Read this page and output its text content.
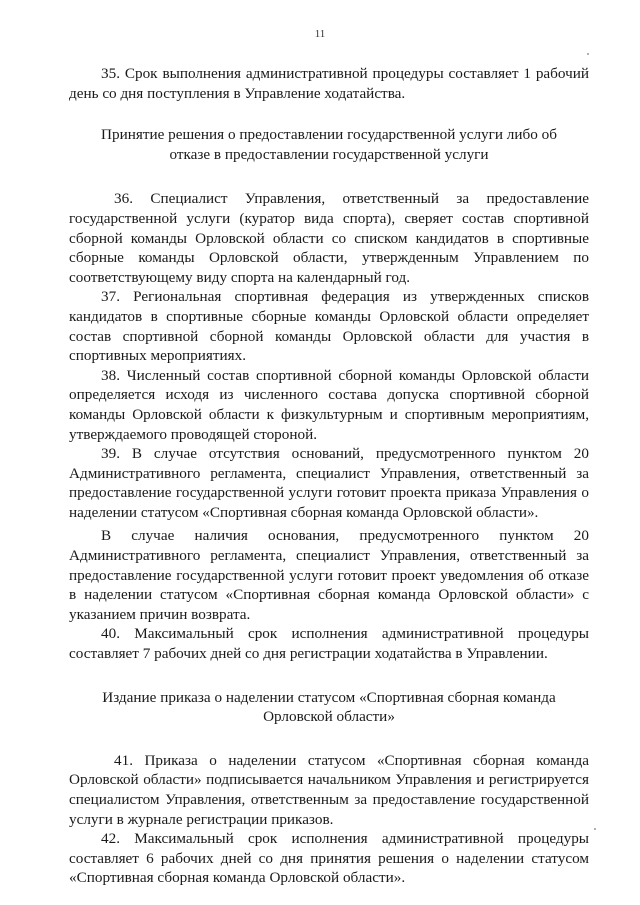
11

35. Срок выполнения административной процедуры составляет 1 рабочий день со дня поступления в Управление ходатайства.

Принятие решения о предоставлении государственной услуги либо об отказе в предоставлении государственной услуги

36. Специалист Управления, ответственный за предоставление государственной услуги (куратор вида спорта), сверяет состав спортивной сборной команды Орловской области со списком кандидатов в спортивные сборные команды Орловской области, утвержденным Управлением по соответствующему виду спорта на календарный год.

37. Региональная спортивная федерация из утвержденных списков кандидатов в спортивные сборные команды Орловской области определяет состав спортивной сборной команды Орловской области для участия в спортивных мероприятиях.

38. Численный состав спортивной сборной команды Орловской области определяется исходя из численного состава допуска спортивной сборной команды Орловской области к физкультурным и спортивным мероприятиям, утверждаемого проводящей стороной.

39. В случае отсутствия оснований, предусмотренного пунктом 20 Административного регламента, специалист Управления, ответственный за предоставление государственной услуги готовит проекта приказа Управления о наделении статусом «Спортивная сборная команда Орловской области».

В случае наличия основания, предусмотренного пунктом 20 Административного регламента, специалист Управления, ответственный за предоставление государственной услуги готовит проект уведомления об отказе в наделении статусом «Спортивная сборная команда Орловской области» с указанием причин возврата.

40. Максимальный срок исполнения административной процедуры составляет 7 рабочих дней со дня регистрации ходатайства в Управлении.

Издание приказа о наделении статусом «Спортивная сборная команда Орловской области»

41. Приказа о наделении статусом «Спортивная сборная команда Орловской области» подписывается начальником Управления и регистрируется специалистом Управления, ответственным за предоставление государственной услуги в журнале регистрации приказов.

42. Максимальный срок исполнения административной процедуры составляет 6 рабочих дней со дня принятия решения о наделении статусом «Спортивная сборная команда Орловской области».
